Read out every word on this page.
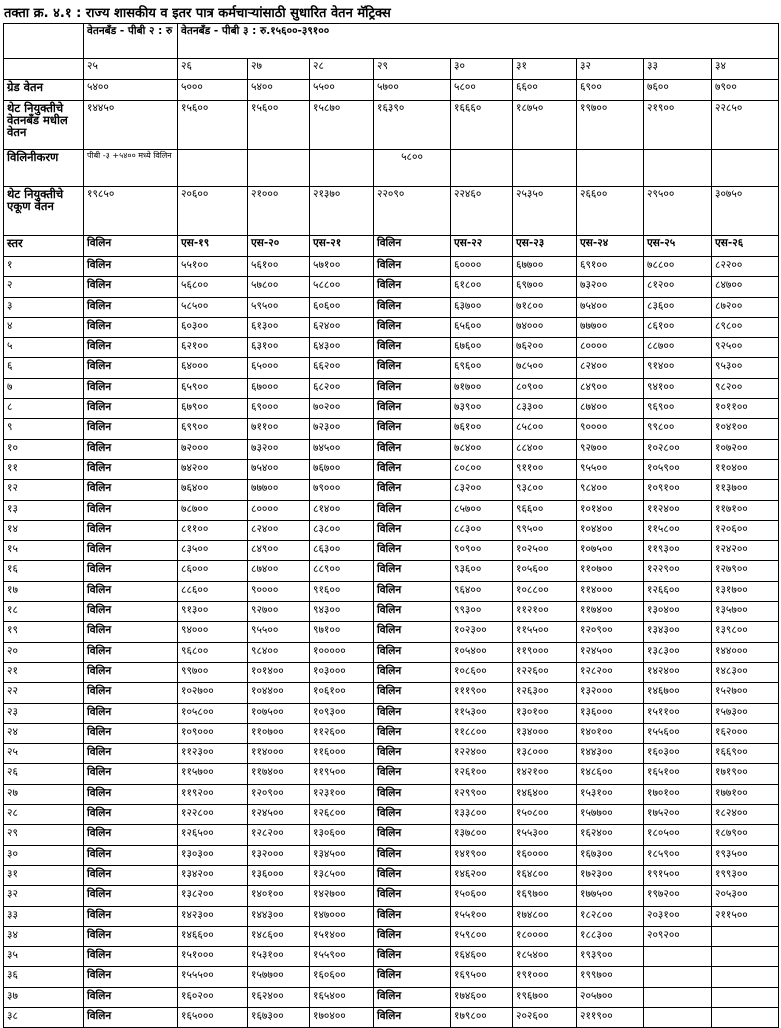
तक्ता क्र. ४.१ : राज्य शासकीय व इतर पात्र कर्मचाऱ्यांसाठी सुधारित वेतन मॅट्रिक्स
	वेतनबँड - पीबी २ : रु	वेतनबँड - पीबी ३ : रु.१५६००-३९१००								
	२५	२६	२७	२८	२९	३०	३१	३२	३३	३४
ग्रेड वेतन	५४००	५०००	५४००	५५००	५७००	५८००	६६००	६९००	७६००	७९००
थेट नियुक्तीचे वेतनबँड मधील वेतन	१४४५०	१५६००	१५६००	१५८७०	१६३९०	१६६६०	१८७५०	१९७००	२१९००	२२८५०
विलिनीकरण	पीबी -३ +५४०० मध्ये विलिन				५८००					
थेट नियुक्तीचे एकूण वेतन	१९८५०	२०६००	२१०००	२१३७०	२२०९०	२२४६०	२५३५०	२६६००	२९५००	३०७५०
स्तर	विलिन	एस-१९	एस-२०	एस-२१	विलिन	एस-२२	एस-२३	एस-२४	एस-२५	एस-२६
१	विलिन	५५१००	५६१००	५७१००	विलिन	६००००	६७७००	६९१००	७८८००	८२२००
२	विलिन	५६८००	५७८००	५८८००	विलिन	६१८००	६९७००	७३२००	८१२००	८४७००
३	विलिन	५८५००	५९५००	६०६००	विलिन	६३७००	७१८००	७५४००	८३६००	८७२००
४	विलिन	६०३००	६१३००	६२४००	विलिन	६५६००	७४०००	७७७००	८६१००	८९८००
५	विलिन	६२१००	६३१००	६४३००	विलिन	६७६००	७६२००	८००००	८८७००	९२५००
६	विलिन	६४०००	६५०००	६६२००	विलिन	६९६००	७८५००	८२४००	९१४००	९५३००
७	विलिन	६५९००	६७०००	६८२००	विलिन	७१७००	८०९००	८४९००	९४१००	९८२००
८	विलिन	६७९००	६९०००	७०२००	विलिन	७३९००	८३३००	८७४००	९६९००	१०११००
९	विलिन	६९९००	७११००	७२३००	विलिन	७६१००	८५८००	९००००	९९८००	१०४१००
१०	विलिन	७२०००	७३२००	७४५००	विलिन	७८४००	८८४००	९२७००	१०२८००	१०७२००
११	विलिन	७४२००	७५४००	७६७००	विलिन	८०८००	९११००	९५५००	१०५९००	११०४००
१२	विलिन	७६४००	७७७००	७९०००	विलिन	८३२००	९३८००	९८४००	१०९१००	११३७००
१३	विलिन	७८७००	८००००	८१४००	विलिन	८५७००	९६६००	१०१४००	११२४००	११७१००
१४	विलिन	८११००	८२४००	८३८००	विलिन	८८३००	९९५००	१०४४००	११५८००	१२०६००
१५	विलिन	८३५००	८४९००	८६३००	विलिन	९०९००	१०२५००	१०७५००	११९३००	१२४२००
१६	विलिन	८६०००	८७४००	८८९००	विलिन	९३६००	१०५६००	११०७००	१२२९००	१२७९००
१७	विलिन	८८६००	९००००	९१६००	विलिन	९६४००	१०८८००	११४०००	१२६६००	१३१७००
१८	विलिन	९१३००	९२७००	९४३००	विलिन	९९३००	११२१००	११७४००	१३०४००	१३५७००
१९	विलिन	९४०००	९५५००	९७१००	विलिन	१०२३००	११५५००	१२०९००	१३४३००	१३९८००
२०	विलिन	९६८००	९८४००	१०००००	विलिन	१०५४००	११९०००	१२४५००	१३८३००	१४४०००
२१	विलिन	९९७००	१०१४००	१०३०००	विलिन	१०८६००	१२२६००	१२८२००	१४२४००	१४८३००
२२	विलिन	१०२७००	१०४४००	१०६१००	विलिन	१११९००	१२६३००	१३२०००	१४६७००	१५२७००
२३	विलिन	१०५८००	१०७५००	१०९३००	विलिन	११५३००	१३०१००	१३६०००	१५११००	१५७३००
२४	विलिन	१०९०००	११०७००	११२६००	विलिन	११८८००	१३४०००	१४०१००	१५५६००	१६२०००
२५	विलिन	११२३००	११४०००	११६०००	विलिन	१२२४००	१३८०००	१४४३००	१६०३००	१६६९००
२६	विलिन	११५७००	११७४००	११९५००	विलिन	१२६१००	१४२१००	१४८६००	१६५१००	१७१९००
२७	विलिन	११९२००	१२०९००	१२३१००	विलिन	१२९९००	१४६४००	१५३१००	१७०१००	१७७१००
२८	विलिन	१२२८००	१२४५००	१२६८००	विलिन	१३३८००	१५०८००	१५७७००	१७५२००	१८२४००
२९	विलिन	१२६५००	१२८२००	१३०६००	विलिन	१३७८००	१५५३००	१६२४००	१८०५००	१८७९००
३०	विलिन	१३०३००	१३२०००	१३४५००	विलिन	१४१९००	१६००००	१६७३००	१८५९००	१९३५००
३१	विलिन	१३४२००	१३६०००	१३८५००	विलिन	१४६२००	१६४८००	१७२३००	१९१५००	१९९३००
३२	विलिन	१३८२००	१४०१००	१४२७००	विलिन	१५०६००	१६९७००	१७७५००	१९७२००	२०५३००
३३	विलिन	१४२३००	१४४३००	१४७०००	विलिन	१५५१००	१७४८००	१८२८००	२०३१००	२११५००
३४	विलिन	१४६६००	१४८६००	१५१४००	विलिन	१५९८००	१८००००	१८८३००	२०९२००	
३५	विलिन	१५१०००	१५३१००	१५५९००	विलिन	१६४६००	१८५४००	१९३९००		
३६	विलिन	१५५५००	१५७७००	१६०६००	विलिन	१६९५००	१९१०००	१९९७००		
३७	विलिन	१६०२००	१६२४००	१६५४००	विलिन	१७४६००	१९६७००	२०५७००		
३८	विलिन	१६५०००	१६७३००	१७०४००	विलिन	१७९८००	२०२६००	२११९००		
